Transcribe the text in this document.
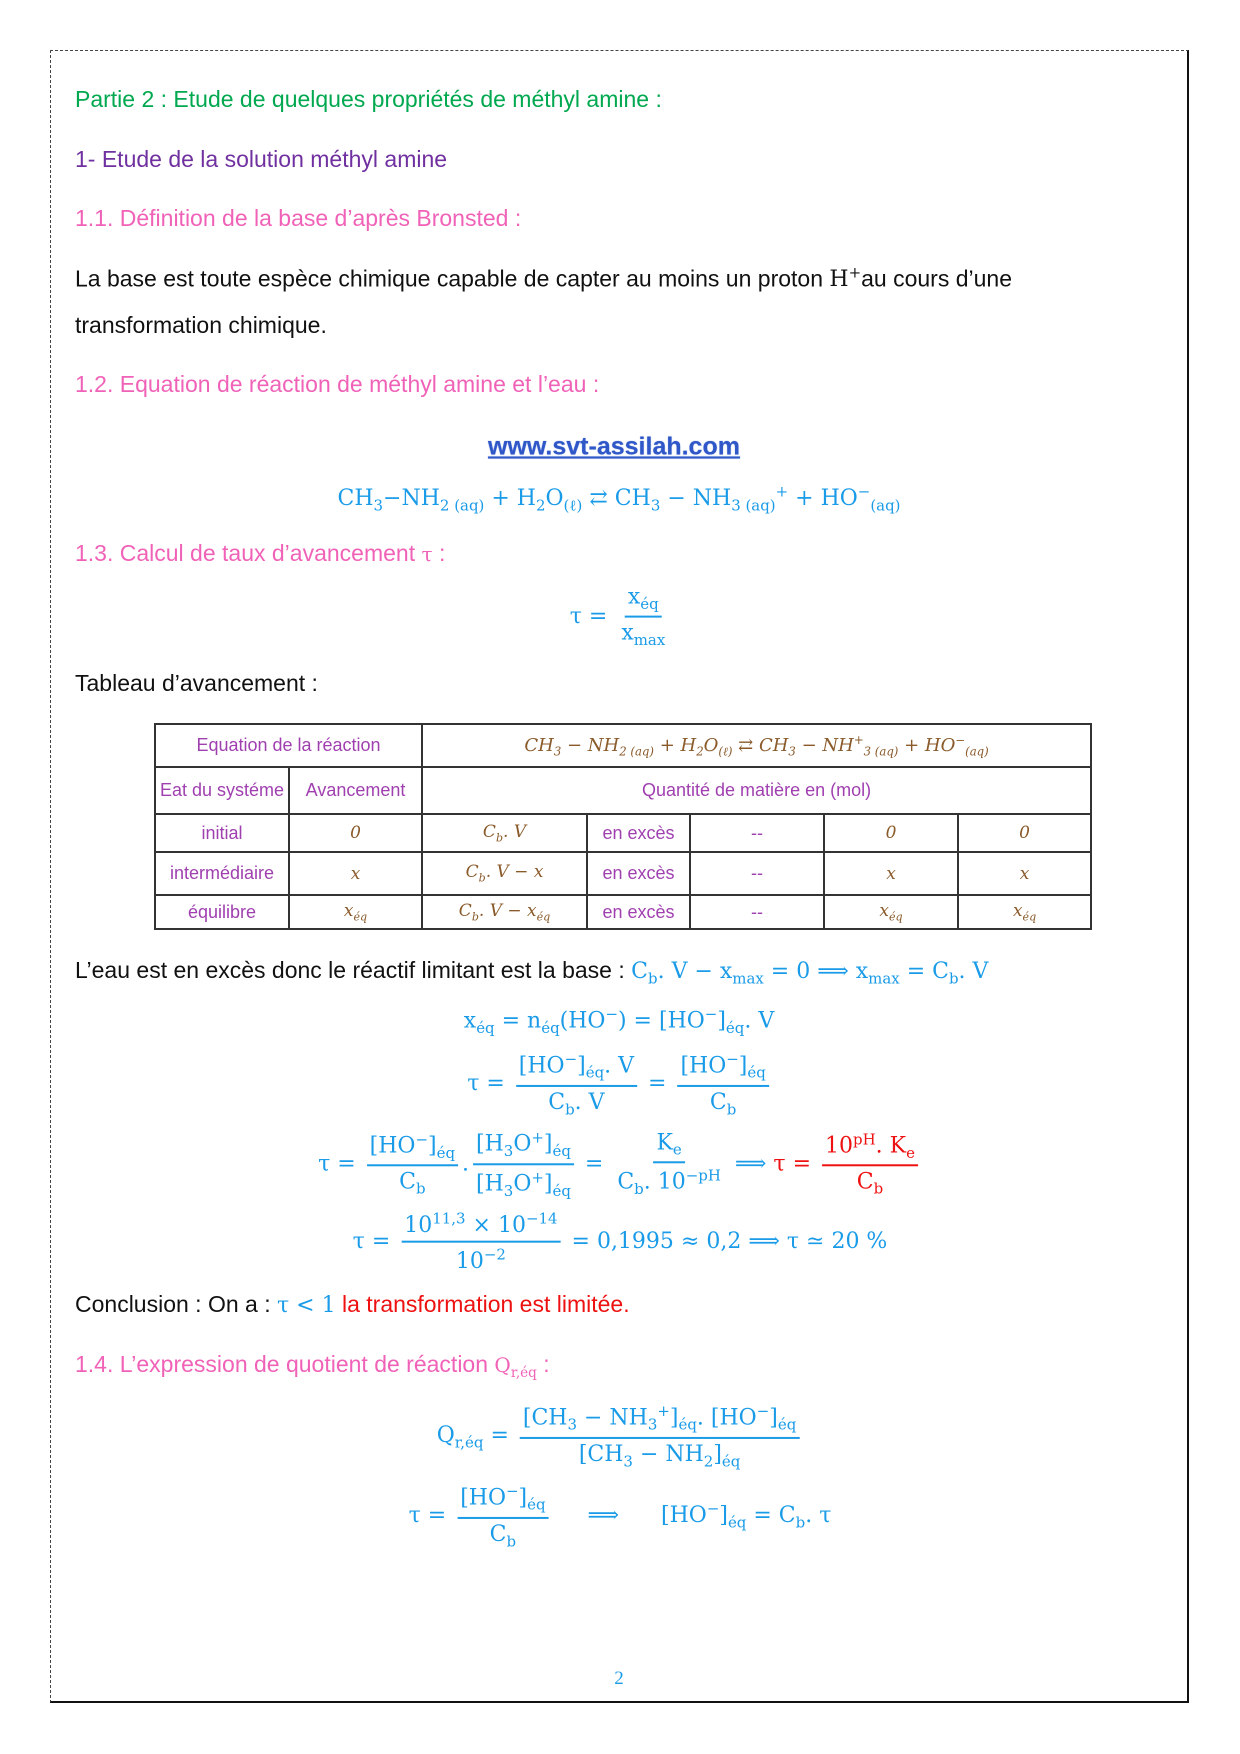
Partie 2 : Etude de quelques propriétés de méthyl amine :
1- Etude de la solution méthyl amine
1.1. Définition de la base d’après Bronsted :
La base est toute espèce chimique capable de capter au moins un proton H+au cours d’une
transformation chimique.
1.2. Equation de réaction de méthyl amine et l’eau :
www.svt-assilah.com
$CH_3-NH_{2 (aq)} + H_2O_{(\ell)}$ ⇄ $CH_3 - NH_{3 (aq)}^+ + HO^-_{(aq)}$
1.3. Calcul de taux d’avancement τ :
$\tau = \frac{x_{éq}}{x_{max}}$
Tableau d’avancement :
Equation de la réaction		$CH_3 - NH_{2 (aq)} + H_2O_{(\ell)}$ ⇄ $CH_3 - NH^+_{3 (aq)} + HO^-_{(aq)}$
Eat du systéme	Avancement	Quantité de matière en (mol)				
initial	0	$C_b$. V	en excès	--	0	0
intermédiaire	x	$C_b$. V − x	en excès	--	x	x
équilibre	$x_{éq}$	$C_b$. $V - x_{éq}$	en excès	--	$x_{éq}$	$x_{éq}$
L’eau est en excès donc le réactif limitant est la base : $C_b$. $V - x_{max} = 0$ ⟹ $x_{max} = C_b$. V
$x_{éq} = n_{éq}(HO^-) = [HO^-]_{éq}$. V
$\tau = \frac{[HO^-]_{éq}. V}{C_b. V} = \frac{[HO^-]_{éq}}{C_b}$
$\tau = \frac{[HO^-]_{éq}}{C_b}$ . $\frac{[H_3O^+]_{éq}}{[H_3O^+]_{éq}} = \frac{K_e}{C_b. 10^{-pH}}$ ⟹ $\tau = \frac{10^{pH}. K_e}{C_b}$
$\tau = \frac{10^{11,3} \times 10^{-14}}{10^{-2}} = 0,1995 \approx 0,2$ ⟹ τ ≃ 20 %
Conclusion : On a : τ < 1 la transformation est limitée.
1.4. L’expression de quotient de réaction $Q_{r,éq}$ :
$Q_{r,éq} = \frac{[CH_3 - NH_3^+]_{éq}. [HO^-]_{éq}}{[CH_3 - NH_2]_{éq}}$
$\tau = \frac{[HO^-]_{éq}}{C_b}$ ⟹      $[HO^-]_{éq} = C_b$. τ
2
